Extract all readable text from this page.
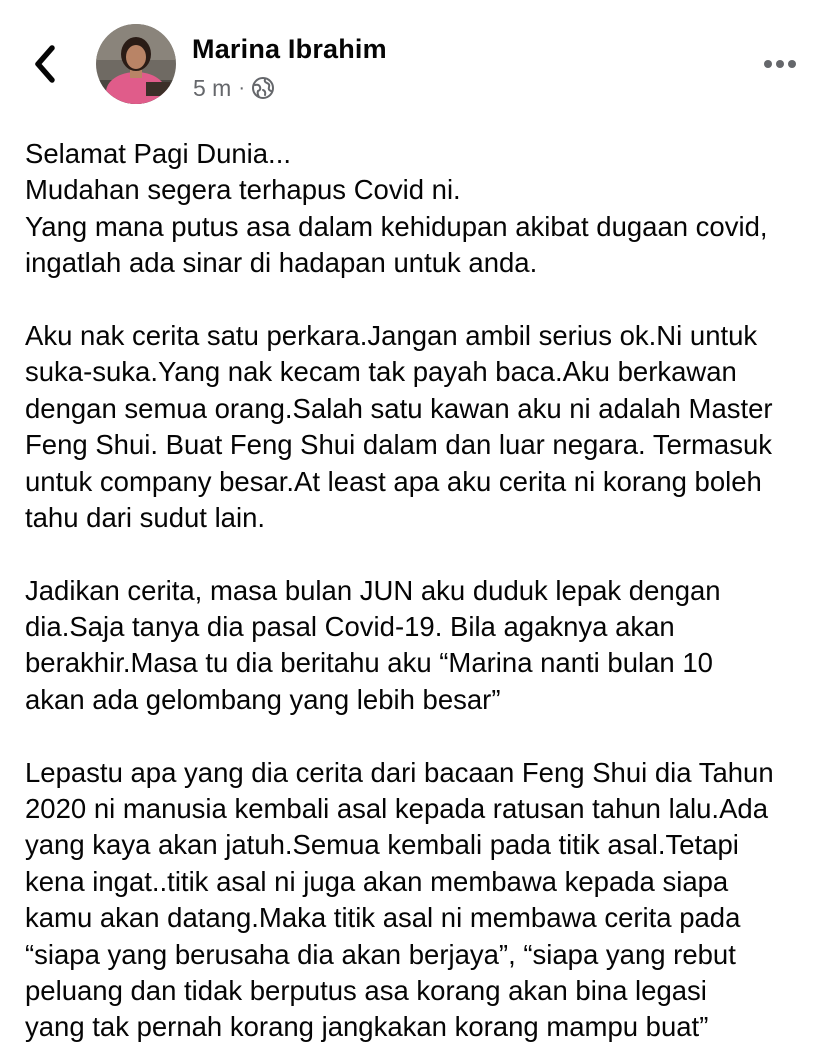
Marina Ibrahim
5 m ·
Selamat Pagi Dunia...
Mudahan segera terhapus Covid ni.
Yang mana putus asa dalam kehidupan akibat dugaan covid,
ingatlah ada sinar di hadapan untuk anda.
Aku nak cerita satu perkara.Jangan ambil serius ok.Ni untuk
suka-suka.Yang nak kecam tak payah baca.Aku berkawan
dengan semua orang.Salah satu kawan aku ni adalah Master
Feng Shui. Buat Feng Shui dalam dan luar negara. Termasuk
untuk company besar.At least apa aku cerita ni korang boleh
tahu dari sudut lain.
Jadikan cerita, masa bulan JUN aku duduk lepak dengan
dia.Saja tanya dia pasal Covid-19. Bila agaknya akan
berakhir.Masa tu dia beritahu aku “Marina nanti bulan 10
akan ada gelombang yang lebih besar”
Lepastu apa yang dia cerita dari bacaan Feng Shui dia Tahun
2020 ni manusia kembali asal kepada ratusan tahun lalu.Ada
yang kaya akan jatuh.Semua kembali pada titik asal.Tetapi
kena ingat..titik asal ni juga akan membawa kepada siapa
kamu akan datang.Maka titik asal ni membawa cerita pada
“siapa yang berusaha dia akan berjaya”, “siapa yang rebut
peluang dan tidak berputus asa korang akan bina legasi
yang tak pernah korang jangkakan korang mampu buat”
